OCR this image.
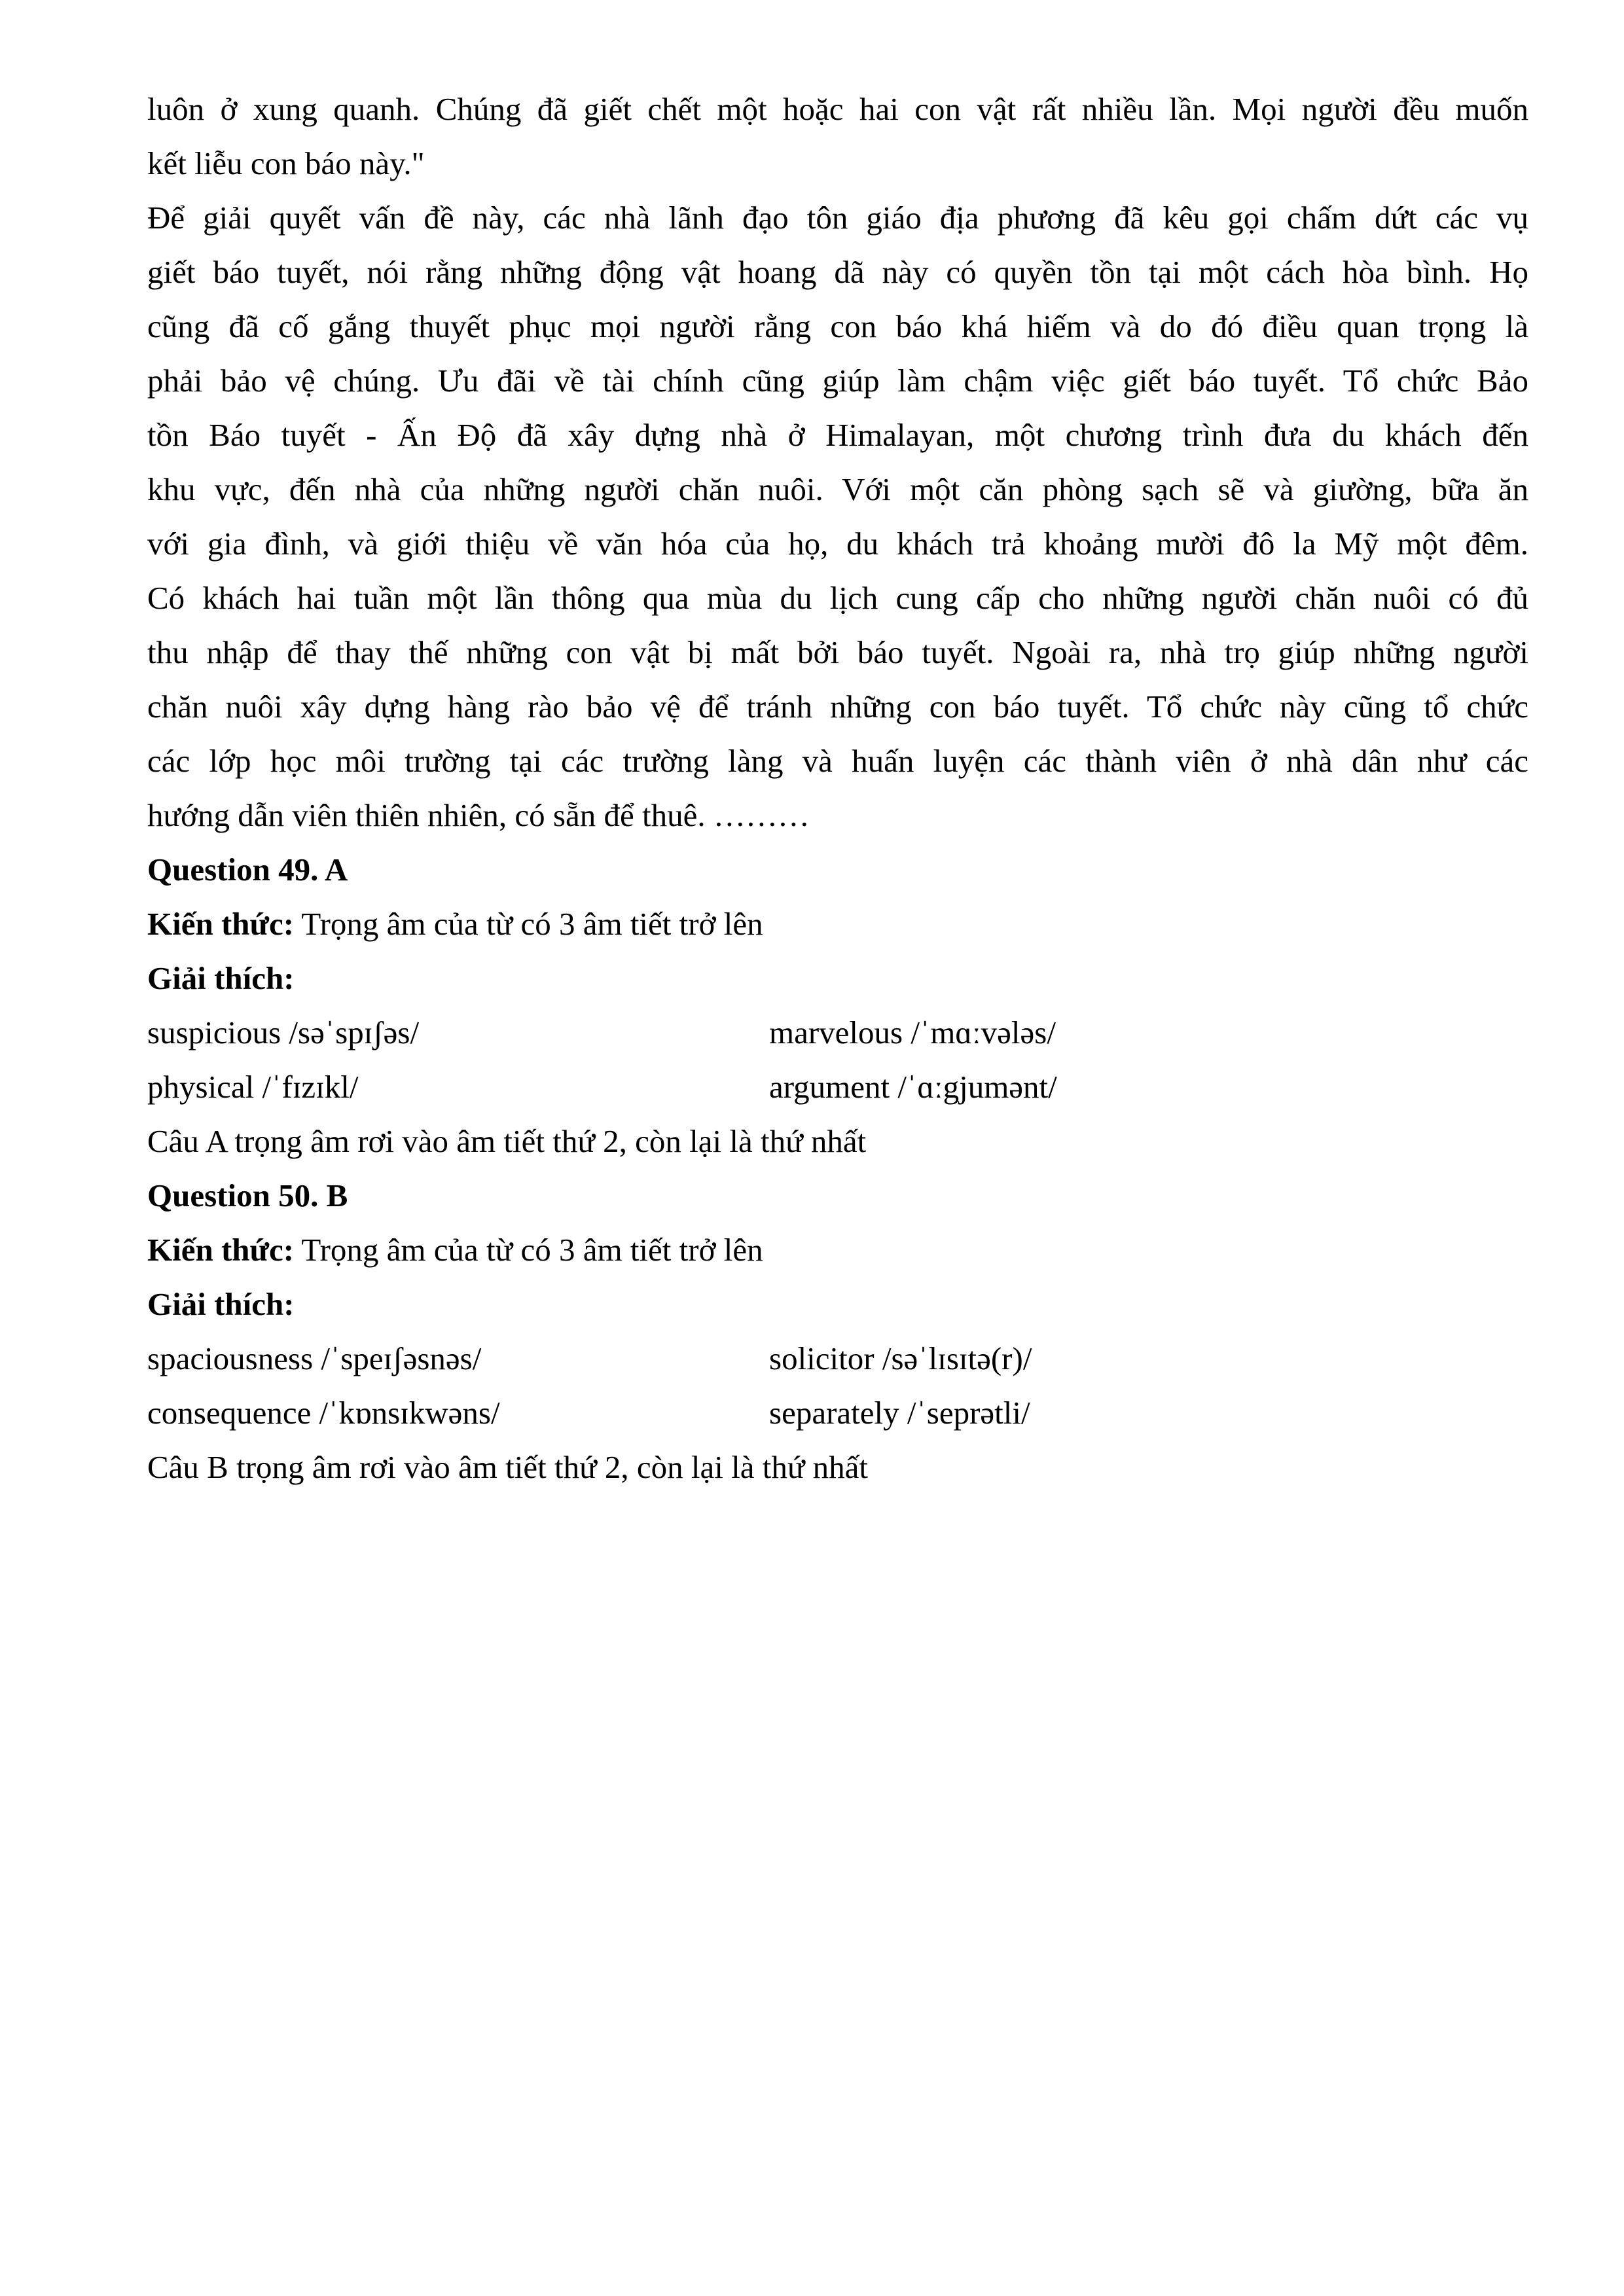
luôn ở xung quanh. Chúng đã giết chết một hoặc hai con vật rất nhiều lần. Mọi người đều muốn
kết liễu con báo này."
Để giải quyết vấn đề này, các nhà lãnh đạo tôn giáo địa phương đã kêu gọi chấm dứt các vụ
giết báo tuyết, nói rằng những động vật hoang dã này có quyền tồn tại một cách hòa bình. Họ
cũng đã cố gắng thuyết phục mọi người rằng con báo khá hiếm và do đó điều quan trọng là
phải bảo vệ chúng. Ưu đãi về tài chính cũng giúp làm chậm việc giết báo tuyết. Tổ chức Bảo
tồn Báo tuyết - Ấn Độ đã xây dựng nhà ở Himalayan, một chương trình đưa du khách đến
khu vực, đến nhà của những người chăn nuôi. Với một căn phòng sạch sẽ và giường, bữa ăn
với gia đình, và giới thiệu về văn hóa của họ, du khách trả khoảng mười đô la Mỹ một đêm.
Có khách hai tuần một lần thông qua mùa du lịch cung cấp cho những người chăn nuôi có đủ
thu nhập để thay thế những con vật bị mất bởi báo tuyết. Ngoài ra, nhà trọ giúp những người
chăn nuôi xây dựng hàng rào bảo vệ để tránh những con báo tuyết. Tổ chức này cũng tổ chức
các lớp học môi trường tại các trường làng và huấn luyện các thành viên ở nhà dân như các
hướng dẫn viên thiên nhiên, có sẵn để thuê. ………
Question 49. A
Kiến thức: Trọng âm của từ có 3 âm tiết trở lên
Giải thích:
suspicious /səˈspɪʃəs/	marvelous /ˈmɑːvələs/
physical /ˈfɪzɪkl/	argument /ˈɑːgjumənt/
Câu A trọng âm rơi vào âm tiết thứ 2, còn lại là thứ nhất
Question 50. B
Kiến thức: Trọng âm của từ có 3 âm tiết trở lên
Giải thích:
spaciousness /ˈspeɪʃəsnəs/	solicitor /səˈlɪsɪtə(r)/
consequence /ˈkɒnsɪkwəns/	separately /ˈseprətli/
Câu B trọng âm rơi vào âm tiết thứ 2, còn lại là thứ nhất
